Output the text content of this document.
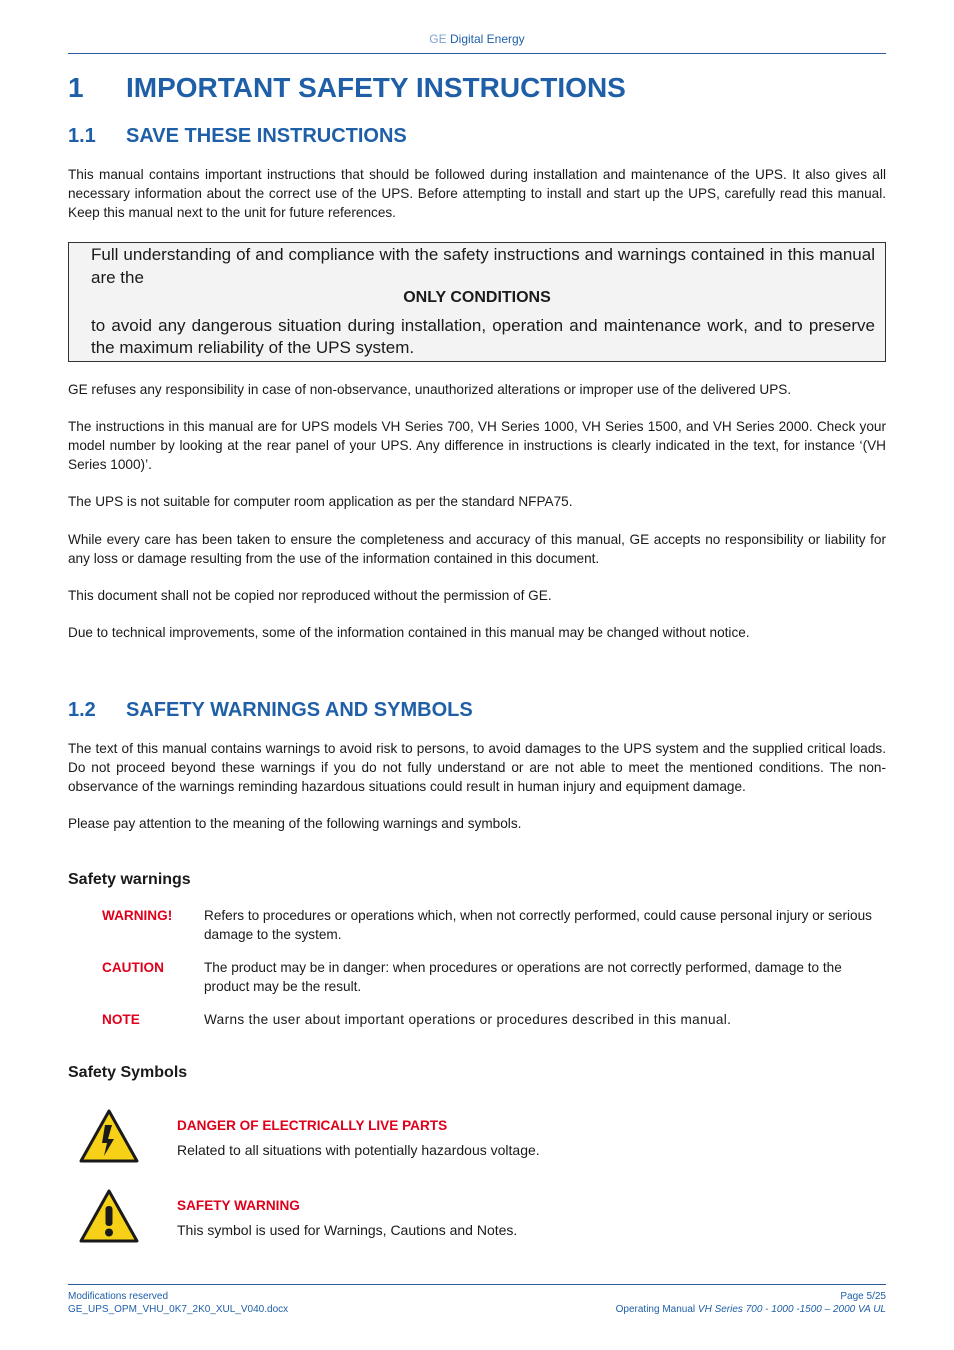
GE Digital Energy
1	IMPORTANT SAFETY INSTRUCTIONS
1.1	SAVE THESE INSTRUCTIONS
This manual contains important instructions that should be followed during installation and maintenance of the UPS. It also gives all necessary information about the correct use of the UPS. Before attempting to install and start up the UPS, carefully read this manual. Keep this manual next to the unit for future references.
Full understanding of and compliance with the safety instructions and warnings contained in this manual are the
ONLY CONDITIONS
to avoid any dangerous situation during installation, operation and maintenance work, and to preserve the maximum reliability of the UPS system.
GE refuses any responsibility in case of non-observance, unauthorized alterations or improper use of the delivered UPS.
The instructions in this manual are for UPS models VH Series 700, VH Series 1000, VH Series 1500, and VH Series 2000. Check your model number by looking at the rear panel of your UPS. Any difference in instructions is clearly indicated in the text, for instance ‘(VH Series 1000)’.
The UPS is not suitable for computer room application as per the standard NFPA75.
While every care has been taken to ensure the completeness and accuracy of this manual, GE accepts no responsibility or liability for any loss or damage resulting from the use of the information contained in this document.
This document shall not be copied nor reproduced without the permission of GE.
Due to technical improvements, some of the information contained in this manual may be changed without notice.
1.2	SAFETY WARNINGS AND SYMBOLS
The text of this manual contains warnings to avoid risk to persons, to avoid damages to the UPS system and the supplied critical loads. Do not proceed beyond these warnings if you do not fully understand or are not able to meet the mentioned conditions. The non-observance of the warnings reminding hazardous situations could result in human injury and equipment damage.
Please pay attention to the meaning of the following warnings and symbols.
Safety warnings
WARNING!	Refers to procedures or operations which, when not correctly performed, could cause personal injury or serious damage to the system.
CAUTION	The product may be in danger: when procedures or operations are not correctly performed, damage to the product may be the result.
NOTE	Warns the user about important operations or procedures described in this manual.
Safety Symbols
DANGER OF ELECTRICALLY LIVE PARTS
Related to all situations with potentially hazardous voltage.
SAFETY WARNING
This symbol is used for Warnings, Cautions and Notes.
Modifications reserved
GE_UPS_OPM_VHU_0K7_2K0_XUL_V040.docx
Page 5/25
Operating Manual VH Series 700 - 1000 -1500 – 2000 VA UL
